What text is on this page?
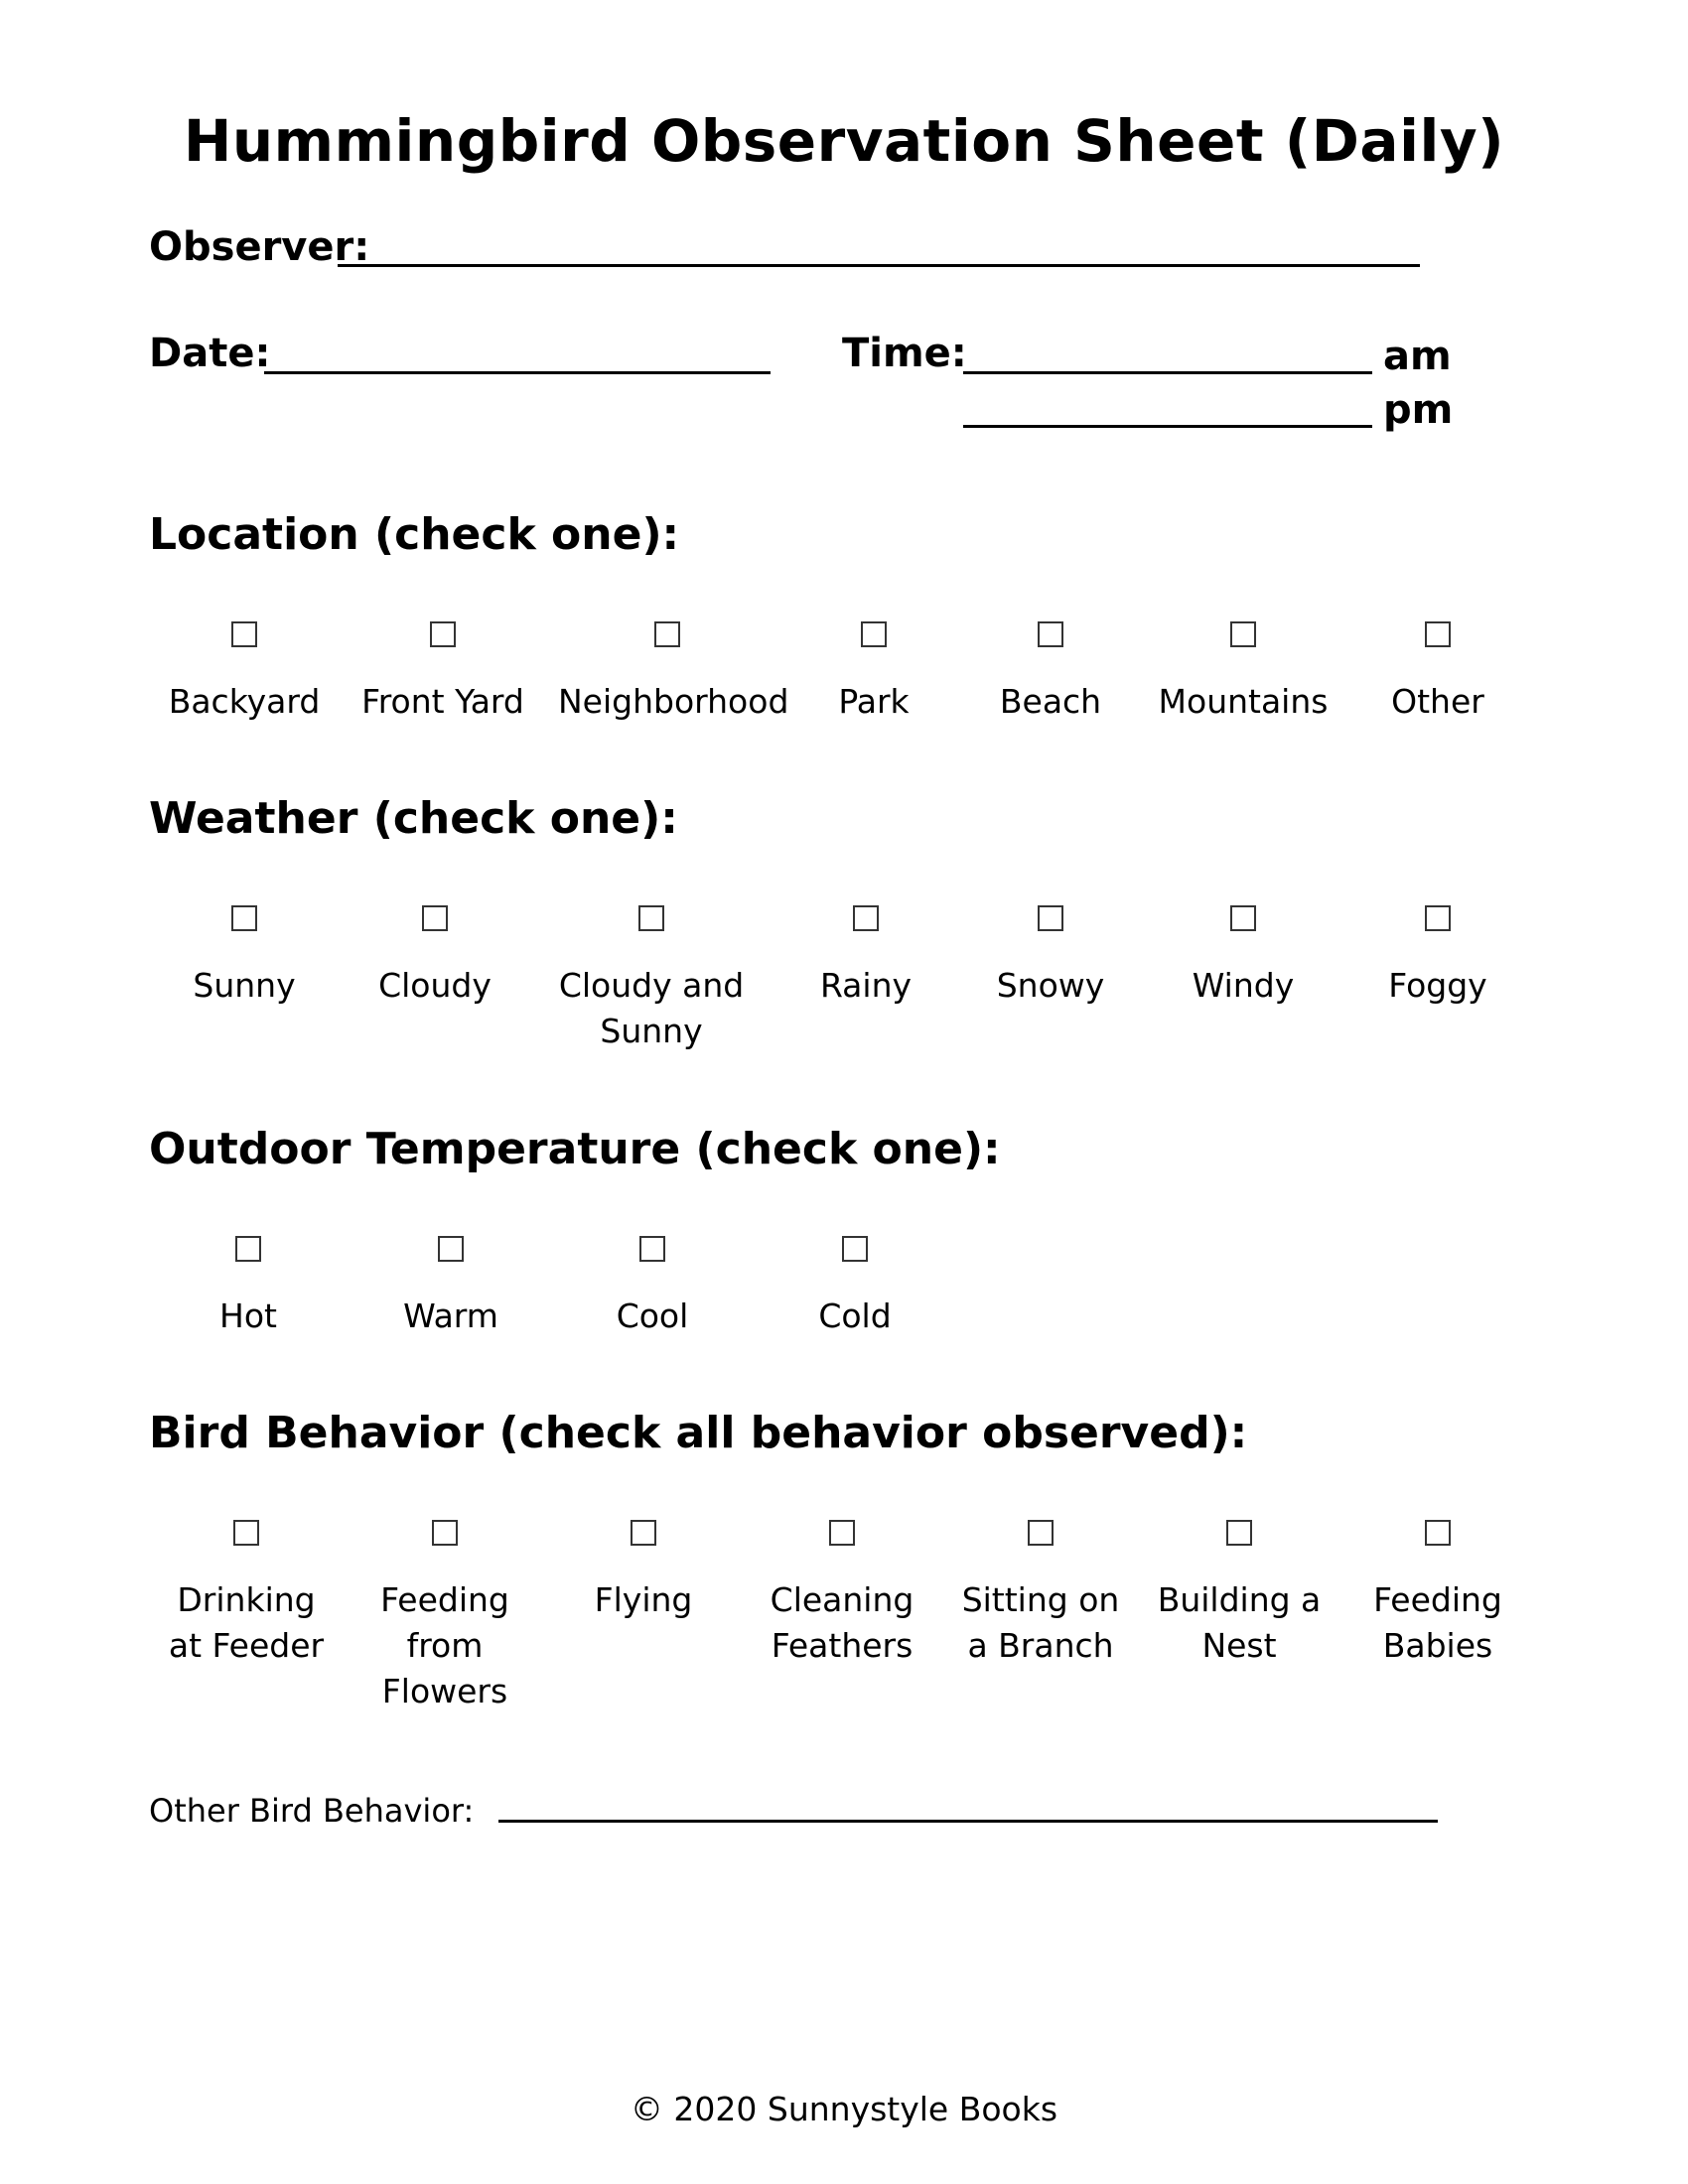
Hummingbird Observation Sheet (Daily)
Observer:
Date:	Time:	am
pm
Location (check one):
Backyard	Front Yard	Neighborhood	Park	Beach	Mountains	Other
Weather (check one):
Sunny	Cloudy	Cloudy and
Sunny
Rainy	Snowy	Windy	Foggy
Outdoor Temperature (check one):
Hot	Warm	Cool	Cold
Bird Behavior (check all behavior observed):
Drinking
at Feeder
Feeding
from
Flowers
Flying	Cleaning
Feathers
Sitting on
a Branch
Building a
Nest
Feeding
Babies
Other Bird Behavior:
© 2020 Sunnystyle Books
